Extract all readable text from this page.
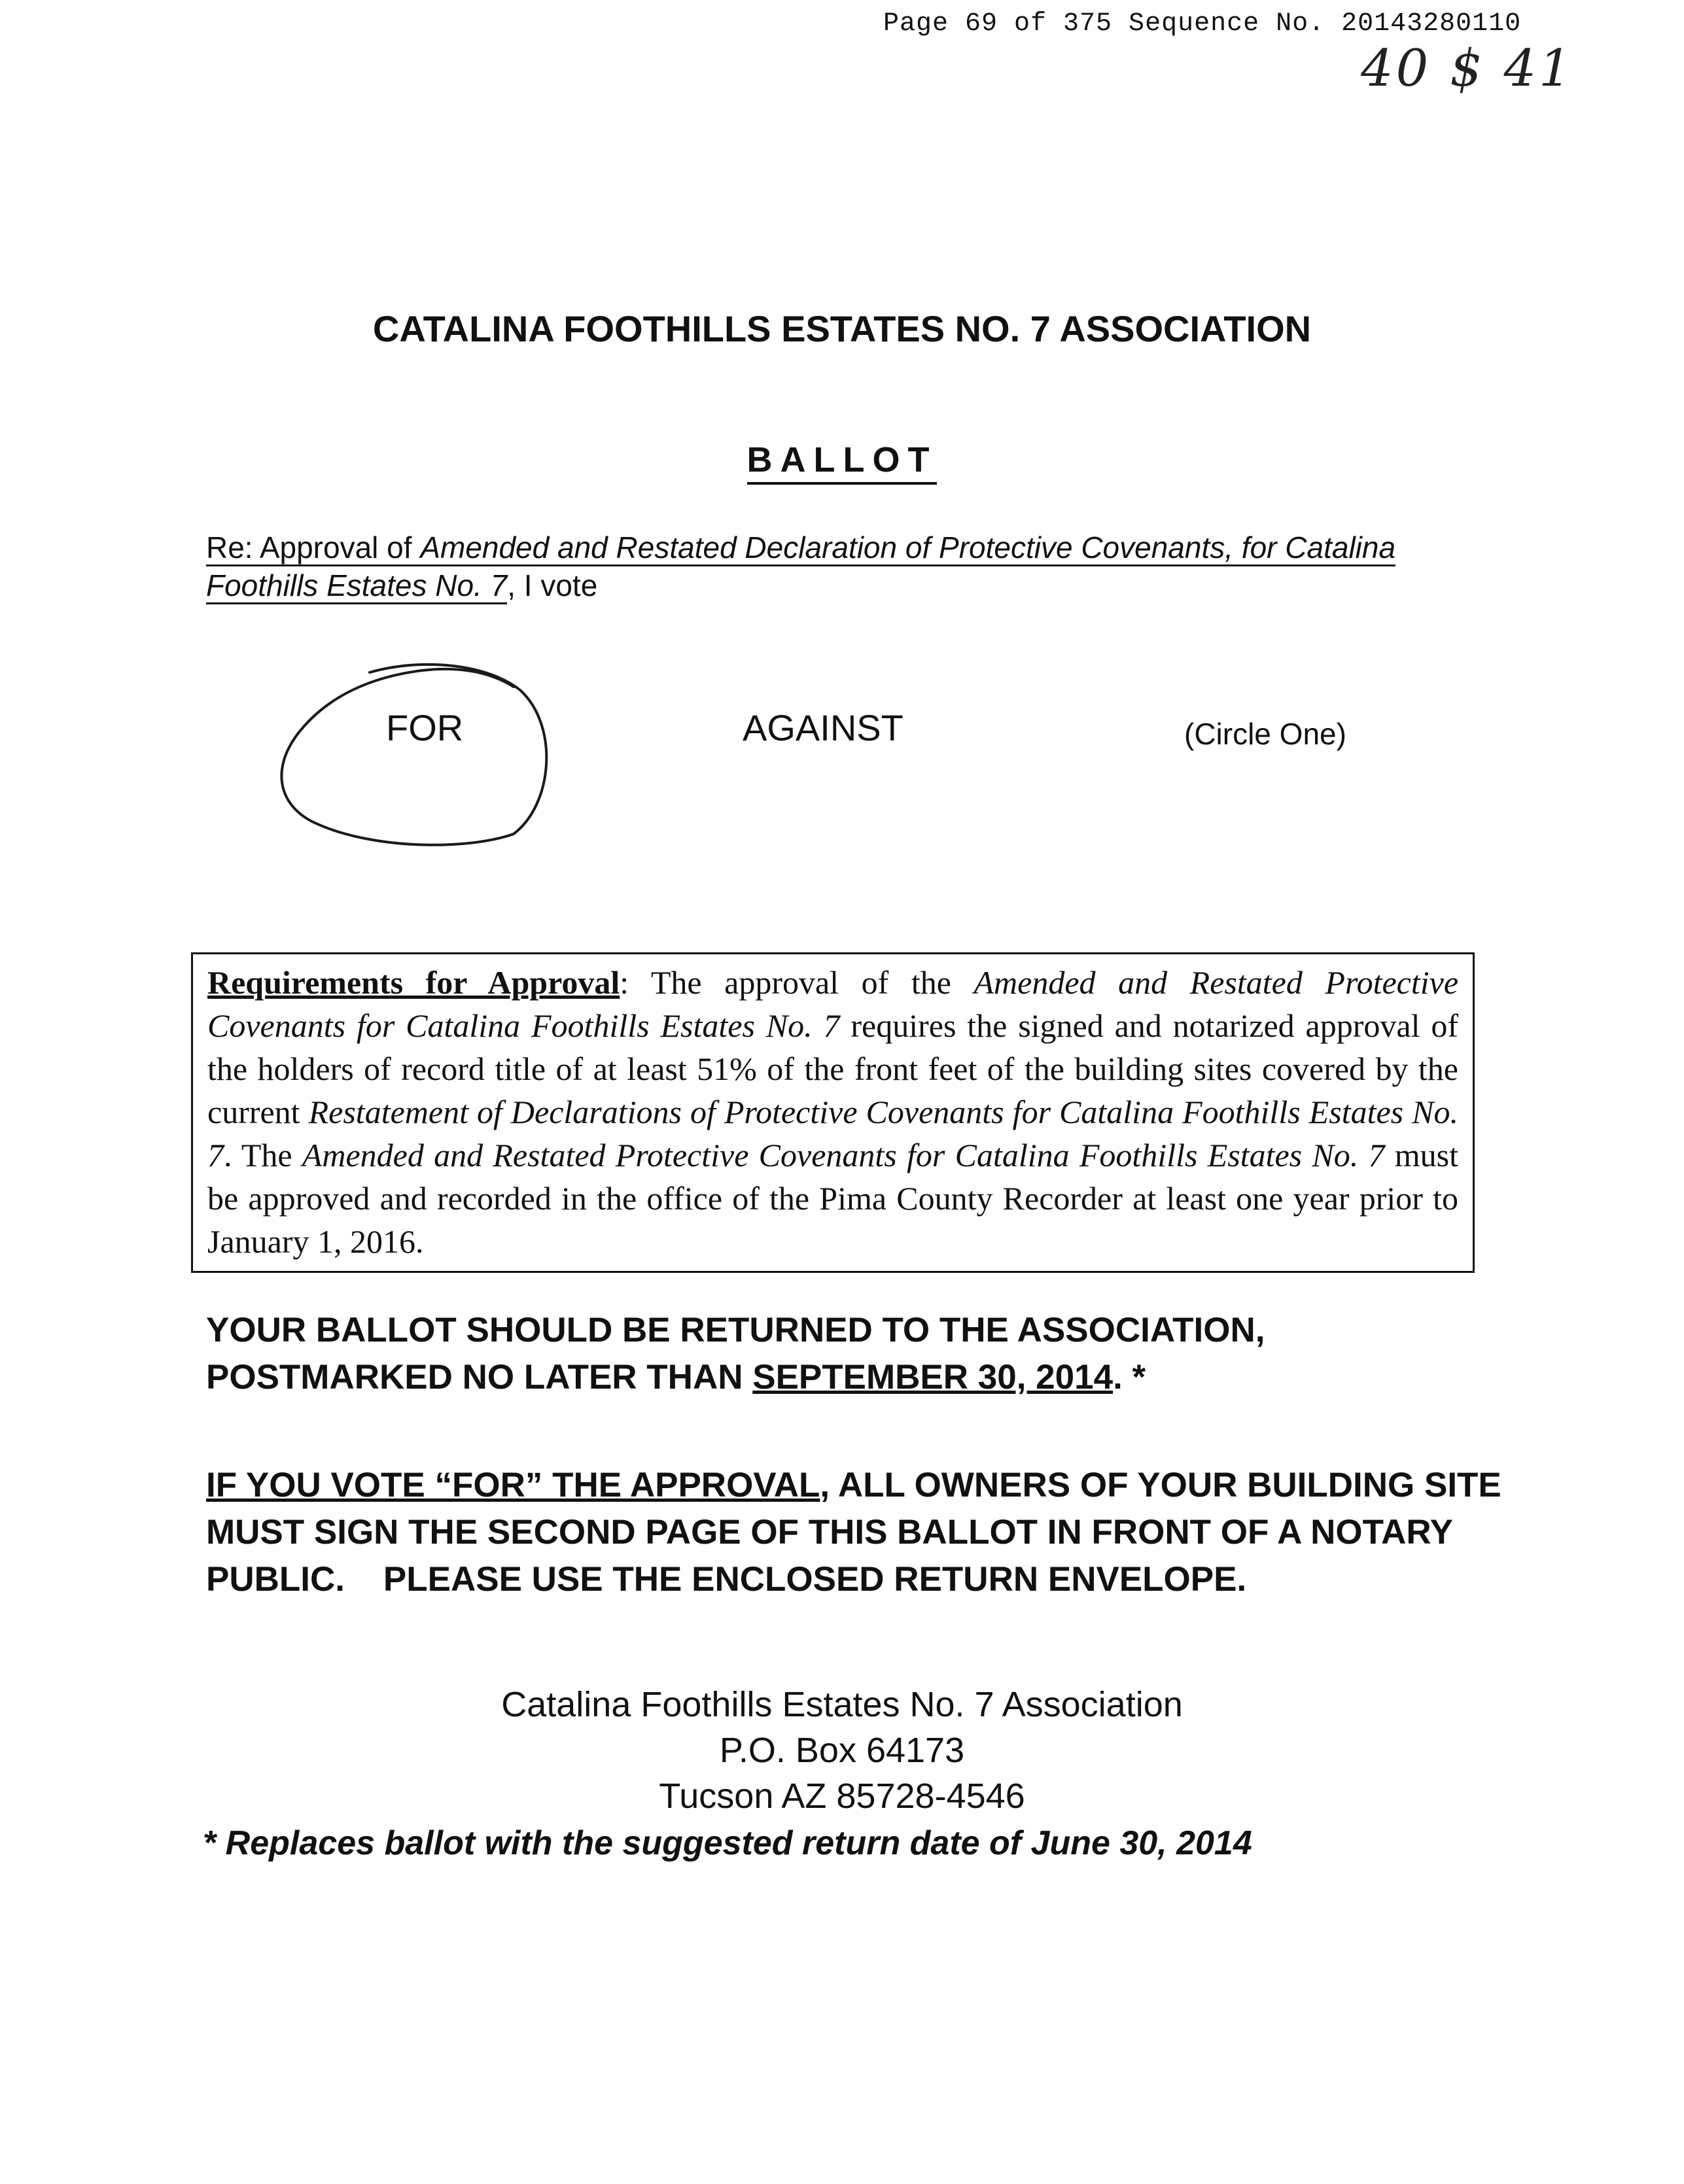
Page 69 of 375 Sequence No. 20143280110
40 $ 41
CATALINA FOOTHILLS ESTATES NO. 7 ASSOCIATION
BALLOT
Re: Approval of Amended and Restated Declaration of Protective Covenants, for Catalina Foothills Estates No. 7, I vote
FOR	AGAINST	(Circle One)
Requirements for Approval: The approval of the Amended and Restated Protective Covenants for Catalina Foothills Estates No. 7 requires the signed and notarized approval of the holders of record title of at least 51% of the front feet of the building sites covered by the current Restatement of Declarations of Protective Covenants for Catalina Foothills Estates No. 7. The Amended and Restated Protective Covenants for Catalina Foothills Estates No. 7 must be approved and recorded in the office of the Pima County Recorder at least one year prior to January 1, 2016.
YOUR BALLOT SHOULD BE RETURNED TO THE ASSOCIATION, POSTMARKED NO LATER THAN SEPTEMBER 30, 2014. *
IF YOU VOTE “FOR” THE APPROVAL, ALL OWNERS OF YOUR BUILDING SITE MUST SIGN THE SECOND PAGE OF THIS BALLOT IN FRONT OF A NOTARY PUBLIC.    PLEASE USE THE ENCLOSED RETURN ENVELOPE.
Catalina Foothills Estates No. 7 Association
P.O. Box 64173
Tucson AZ 85728-4546
* Replaces ballot with the suggested return date of June 30, 2014
